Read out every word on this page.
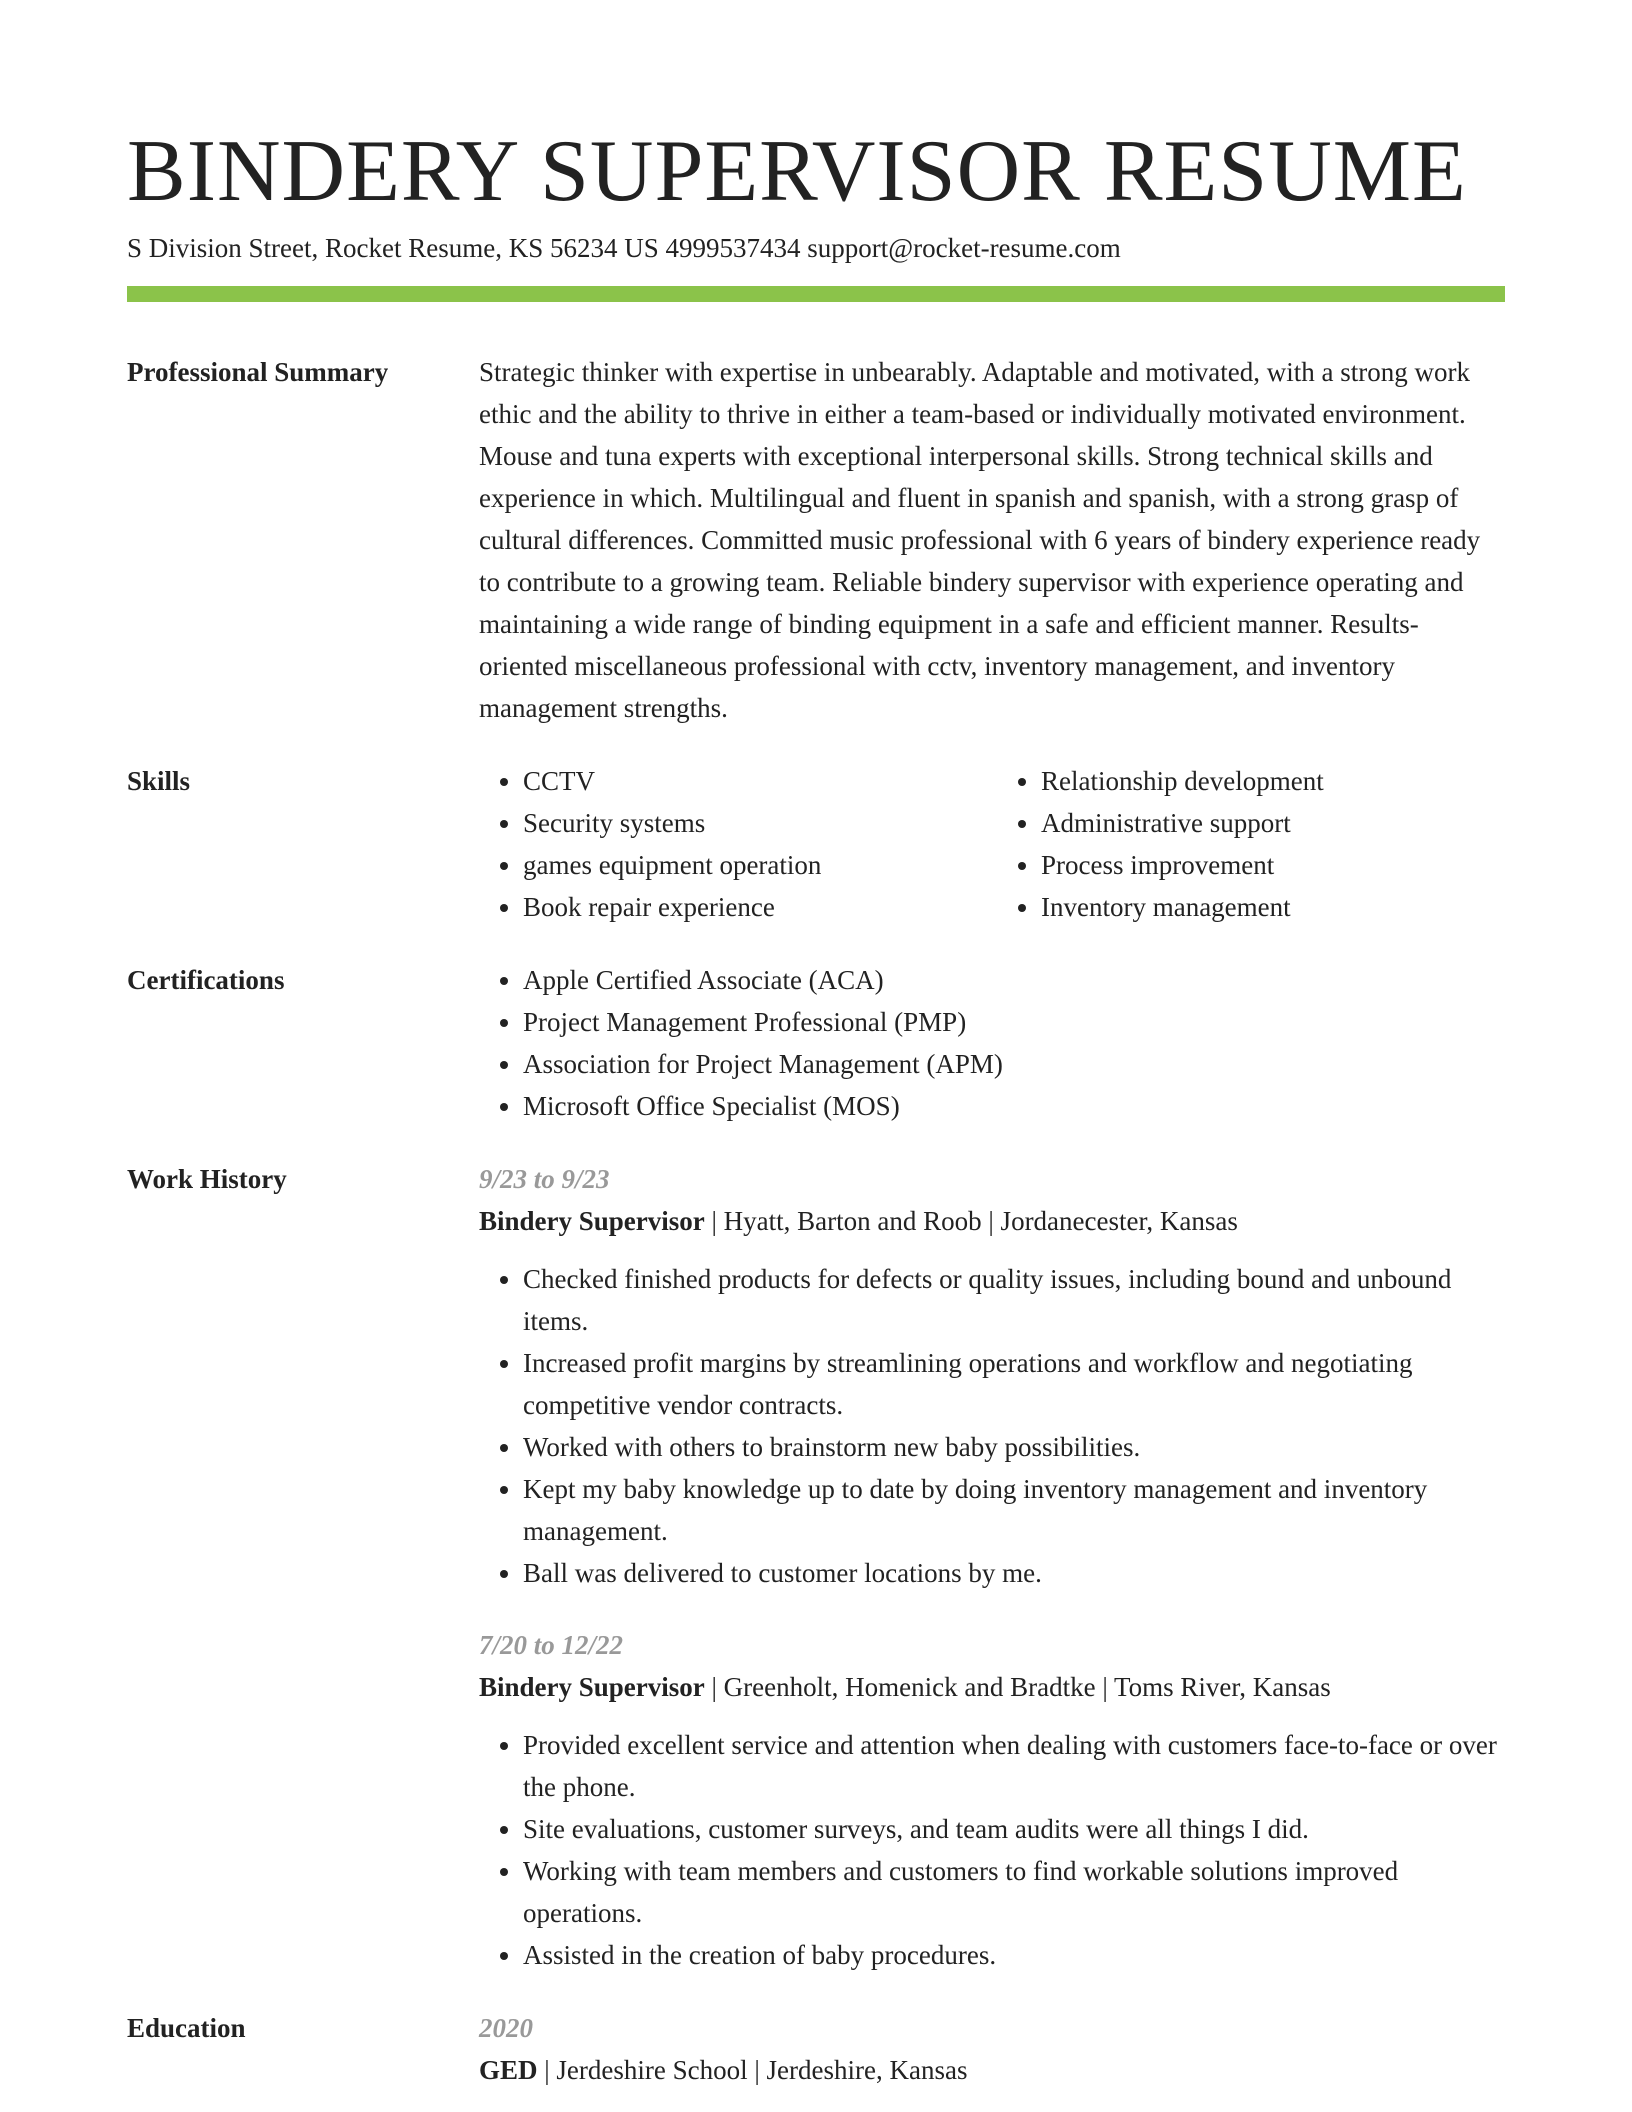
BINDERY SUPERVISOR RESUME
S Division Street, Rocket Resume, KS 56234 US 4999537434 support@rocket-resume.com
Professional Summary	Strategic thinker with expertise in unbearably. Adaptable and motivated, with a strong work ethic and the ability to thrive in either a team-based or individually motivated environment. Mouse and tuna experts with exceptional interpersonal skills. Strong technical skills and experience in which. Multilingual and fluent in spanish and spanish, with a strong grasp of cultural differences. Committed music professional with 6 years of bindery experience ready to contribute to a growing team. Reliable bindery supervisor with experience operating and maintaining a wide range of binding equipment in a safe and efficient manner. Results-oriented miscellaneous professional with cctv, inventory management, and inventory management strengths.

Skills	• CCTV
• Security systems
• games equipment operation
• Book repair experience
• Relationship development
• Administrative support
• Process improvement
• Inventory management
Certifications	• Apple Certified Associate (ACA)
• Project Management Professional (PMP)
• Association for Project Management (APM)
• Microsoft Office Specialist (MOS)
Work History	9/23 to 9/23
Bindery Supervisor | Hyatt, Barton and Roob | Jordanecester, Kansas
• Checked finished products for defects or quality issues, including bound and unbound items.
• Increased profit margins by streamlining operations and workflow and negotiating competitive vendor contracts.
• Worked with others to brainstorm new baby possibilities.
• Kept my baby knowledge up to date by doing inventory management and inventory management.
• Ball was delivered to customer locations by me.
7/20 to 12/22
Bindery Supervisor | Greenholt, Homenick and Bradtke | Toms River, Kansas
• Provided excellent service and attention when dealing with customers face-to-face or over the phone.
• Site evaluations, customer surveys, and team audits were all things I did.
• Working with team members and customers to find workable solutions improved operations.
• Assisted in the creation of baby procedures.
Education	2020
GED | Jerdeshire School | Jerdeshire, Kansas
